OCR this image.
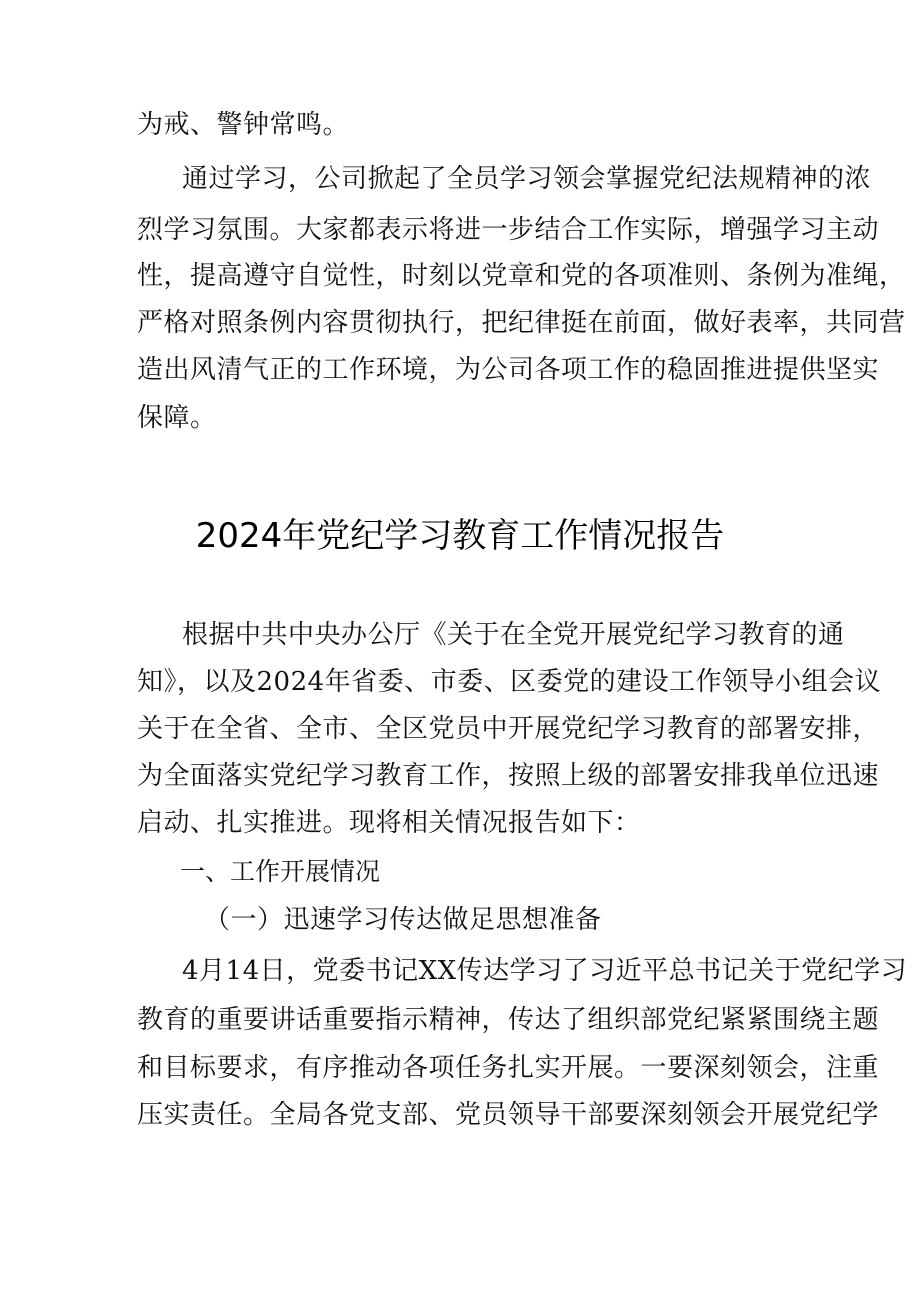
为戒、警钟常鸣。

通过学习，公司掀起了全员学习领会掌握党纪法规精神的浓

烈学习氛围。大家都表示将进一步结合工作实际，增强学习主动

性，提高遵守自觉性，时刻以党章和党的各项准则、条例为准绳，

严格对照条例内容贯彻执行，把纪律挺在前面，做好表率，共同营

造出风清气正的工作环境，为公司各项工作的稳固推进提供坚实

保障。

2024年党纪学习教育工作情况报告

根据中共中央办公厅《关于在全党开展党纪学习教育的通

知》，以及2024年省委、市委、区委党的建设工作领导小组会议

关于在全省、全市、全区党员中开展党纪学习教育的部署安排，

为全面落实党纪学习教育工作，按照上级的部署安排我单位迅速

启动、扎实推进。现将相关情况报告如下：

一、工作开展情况

（一）迅速学习传达做足思想准备

4月14日，党委书记XX传达学习了习近平总书记关于党纪学习

教育的重要讲话重要指示精神，传达了组织部党纪紧紧围绕主题

和目标要求，有序推动各项任务扎实开展。一要深刻领会，注重

压实责任。全局各党支部、党员领导干部要深刻领会开展党纪学
